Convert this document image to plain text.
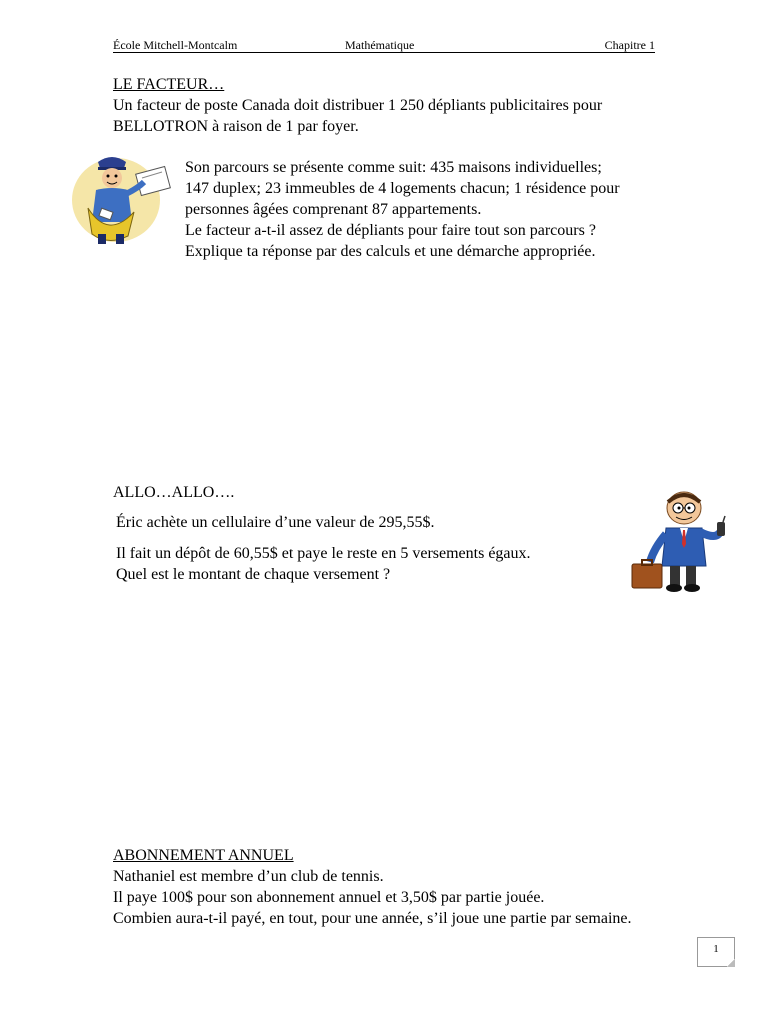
École Mitchell-Montcalm	Mathématique	Chapitre 1
LE FACTEUR…
Un facteur de poste Canada doit distribuer 1 250 dépliants publicitaires pour
BELLOTRON à raison de 1 par foyer.
Son parcours se présente comme suit: 435 maisons individuelles;
147 duplex; 23 immeubles de 4 logements chacun; 1 résidence pour
personnes âgées comprenant 87 appartements.
Le facteur a-t-il assez de dépliants pour faire tout son parcours ?
Explique ta réponse par des calculs et une démarche appropriée.
ALLO…ALLO….
Éric achète un cellulaire d’une valeur de 295,55$.
Il fait un dépôt de 60,55$ et paye le reste en 5 versements égaux.
Quel est le montant de chaque versement ?
ABONNEMENT ANNUEL
Nathaniel est membre d’un club de tennis.
Il paye 100$ pour son abonnement annuel et 3,50$ par partie jouée.
Combien aura-t-il payé, en tout, pour une année, s’il joue une partie par semaine.
1
